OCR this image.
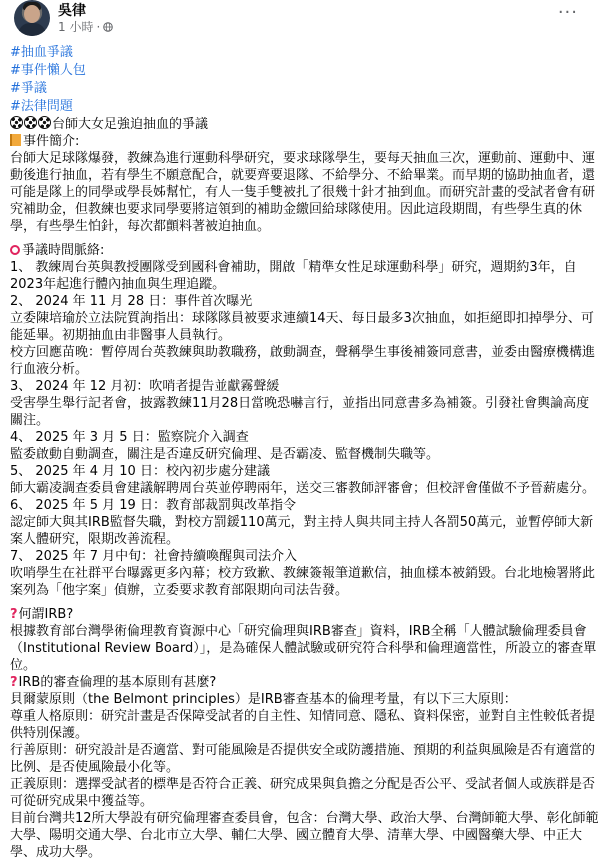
吳律
1 小時 ·
···
#抽血爭議
#事件懶人包
#爭議
#法律問題

台師大女足強迫抽血的爭議

事件簡介:

台師大足球隊爆發，教練為進行運動科學研究，要求球隊學生，要每天抽血三次，運動前、運動中、運動後進行抽血，若有學生不願意配合，就要齊要退隊、不給學分、不給畢業。而早期的協助抽血者，還可能是隊上的同學或學長姊幫忙，有人一隻手雙被扎了很幾十針才抽到血。而研究計畫的受試者會有研究補助金，但教練也要求同學要將這領到的補助金繳回給球隊使用。因此這段期間，有些學生真的休學，有些學生怕針，每次都顫料著被迫抽血。

爭議時間脈絡:

1、 教練周台英與教授團隊受到國科會補助，開啟「精準女性足球運動科學」研究，週期約3年，自2023年起進行體內抽血與生理追蹤。

2、 2024 年 11 月 28 日：事件首次曝光

立委陳培瑜於立法院質詢指出：球隊隊員被要求連續14天、每日最多3次抽血，如拒絕即扣掉學分、可能延畢。初期抽血由非醫事人員執行。

校方回應苗晚：暫停周台英教練與助教職務，啟動調查，聲稱學生事後補簽同意書，並委由醫療機構進行血液分析。

3、 2024 年 12 月初：吹哨者提告並獻霧聲緩

受害學生舉行記者會，披露教練11月28日當晚恐嚇言行，並指出同意書多為補簽。引發社會輿論高度關注。

4、 2025 年 3 月 5 日：監察院介入調查

監委啟動自動調查，關注是否違反研究倫理、是否霸凌、監督機制失職等。

5、 2025 年 4 月 10 日：校內初步處分建議

師大霸凌調查委員會建議解聘周台英並停聘兩年，送交三審教師評審會；但校評會僅做不予晉薪處分。

6、 2025 年 5 月 19 日：教育部裁罰與改革指令

認定師大與其IRB監督失職，對校方罰鍰110萬元，對主持人與共同主持人各罰50萬元，並暫停師大新案人體研究，限期改善流程。

7、 2025 年 7 月中旬：社會持續喚醒與司法介入

吹哨學生在社群平台曝露更多內幕；校方致歉、教練簽報筆道歉信，抽血樣本被銷毀。台北地檢署將此案列為「他字案」偵辦，立委要求教育部限期向司法告發。

?何謂IRB?

根據教育部台灣學術倫理教育資源中心「研究倫理與IRB審查」資料，IRB全稱「人體試驗倫理委員會（Institutional Review Board）」，是為確保人體試驗或研究符合科學和倫理適當性，所設立的審查單位。

?IRB的審查倫理的基本原則有甚麼?

貝爾蒙原則（the Belmont principles）是IRB審查基本的倫理考量，有以下三大原則：

尊重人格原則：研究計畫是否保障受試者的自主性、知情同意、隱私、資料保密，並對自主性較低者提供特別保護。

行善原則：研究設計是否適當、對可能風險是否提供安全或防護措施、預期的利益與風險是否有適當的比例、是否使風險最小化等。

正義原則：選擇受試者的標準是否符合正義、研究成果與負擔之分配是否公平、受試者個人或族群是否可從研究成果中獲益等。

目前台灣共12所大學設有研究倫理審查委員會，包含：台灣大學、政治大學、台灣師範大學、彰化師範大學、陽明交通大學、台北市立大學、輔仁大學、國立體育大學、清華大學、中國醫藥大學、中正大學、成功大學。
